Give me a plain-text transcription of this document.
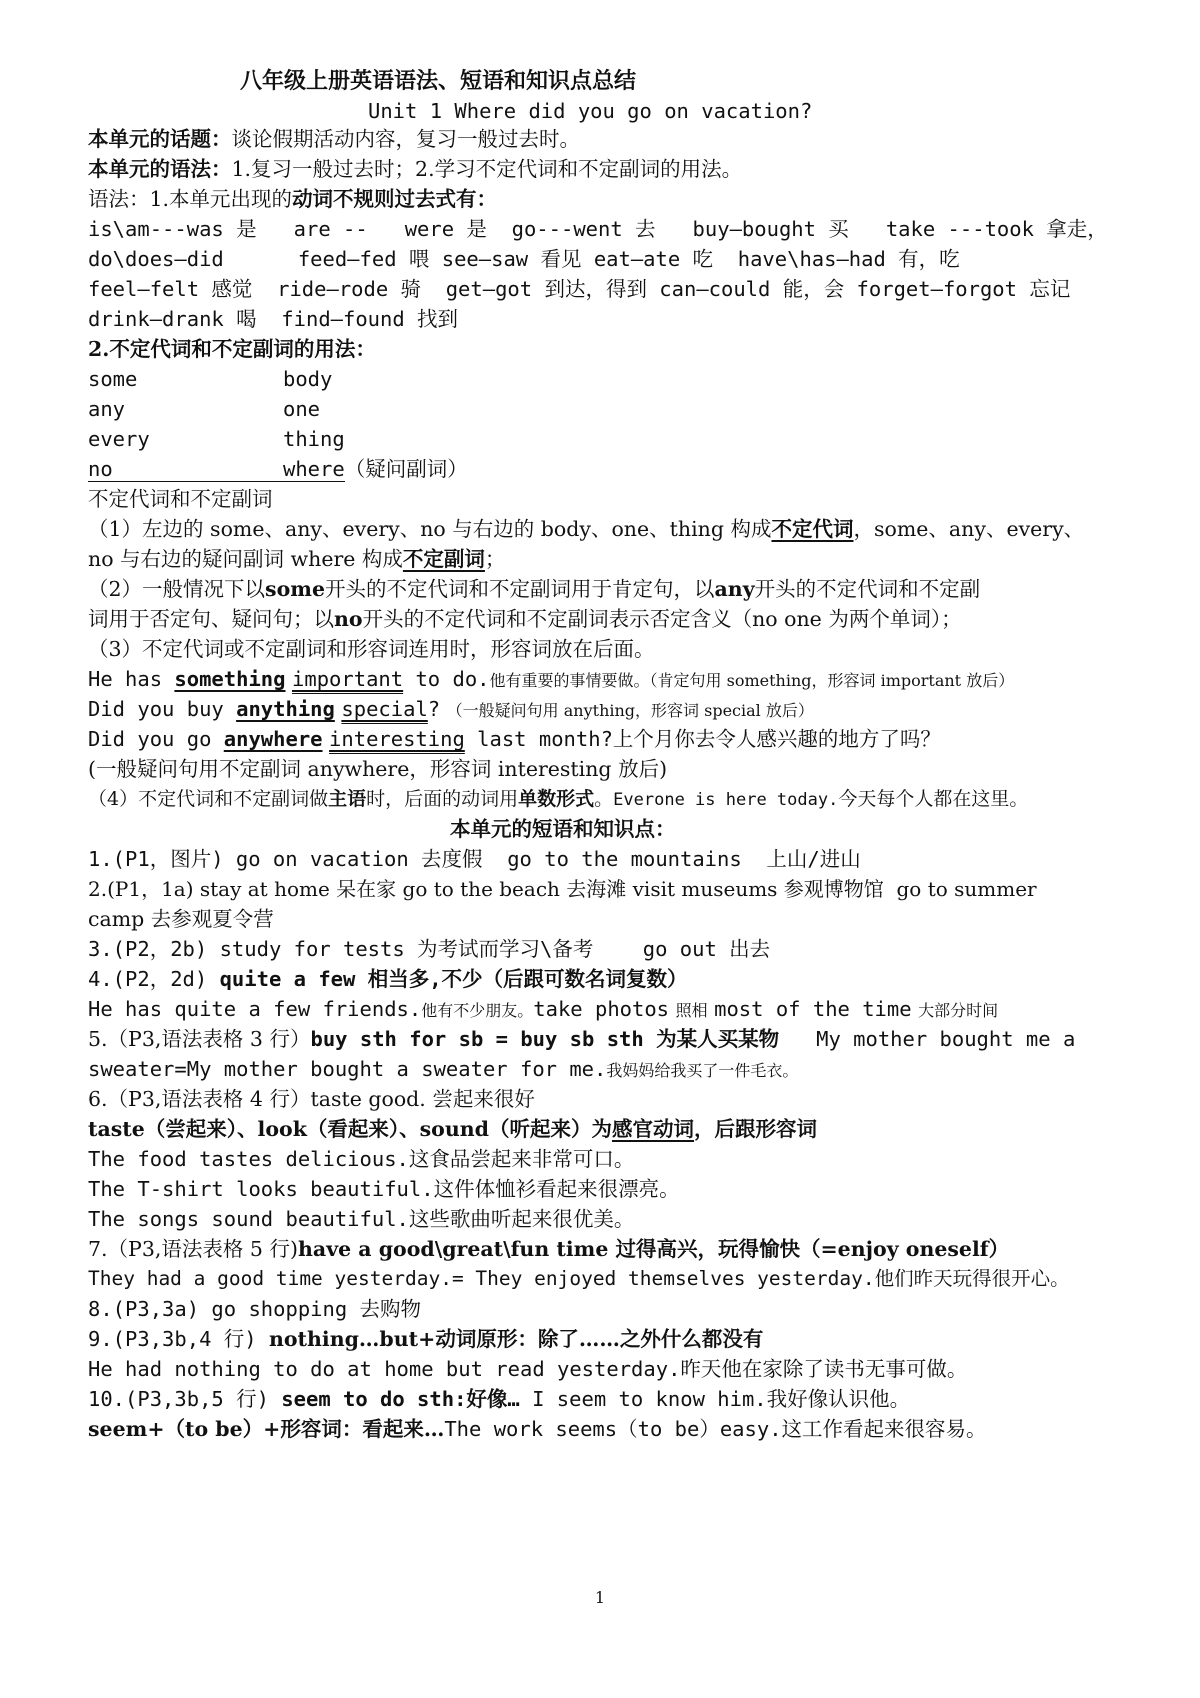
八年级上册英语语法、短语和知识点总结
Unit 1 Where did you go on vacation?
本单元的话题：谈论假期活动内容，复习一般过去时。
本单元的语法：1.复习一般过去时；2.学习不定代词和不定副词的用法。
语法：1.本单元出现的动词不规则过去式有：
is\am---was 是   are --   were 是  go---went 去   buy—bought 买   take ---took 拿走，
do\does—did      feed—fed 喂 see—saw 看见 eat—ate 吃  have\has—had 有，吃
feel—felt 感觉  ride—rode 骑  get—got 到达，得到 can—could 能，会 forget—forgot 忘记
drink—drank 喝  find—found 找到
2.不定代词和不定副词的用法：
some	body
any	one
every	thing
no	where（疑问副词）
不定代词和不定副词
（1）左边的 some、any、every、no 与右边的 body、one、thing 构成不定代词，some、any、every、
no 与右边的疑问副词 where 构成不定副词；
（2）一般情况下以some开头的不定代词和不定副词用于肯定句，以any开头的不定代词和不定副
词用于否定句、疑问句；以no开头的不定代词和不定副词表示否定含义（no one 为两个单词）；
（3）不定代词或不定副词和形容词连用时，形容词放在后面。
He has something important to do.他有重要的事情要做。（肯定句用 something，形容词 important 放后）
Did you buy anything special? （一般疑问句用 anything，形容词 special 放后）
Did you go anywhere interesting last month?上个月你去令人感兴趣的地方了吗？
(一般疑问句用不定副词 anywhere，形容词 interesting 放后)
（4）不定代词和不定副词做主语时，后面的动词用单数形式。Everone is here today.今天每个人都在这里。
本单元的短语和知识点：
1.(P1，图片) go on vacation 去度假  go to the mountains  上山/进山
2.(P1，1a) stay at home 呆在家 go to the beach 去海滩 visit museums 参观博物馆  go to summer
camp 去参观夏令营
3.(P2，2b) study for tests 为考试而学习\备考    go out 出去
4.(P2，2d) quite a few 相当多,不少（后跟可数名词复数）
He has quite a few friends.他有不少朋友。take photos 照相 most of the time 大部分时间
5.（P3,语法表格 3 行）buy sth for sb = buy sb sth 为某人买某物   My mother bought me a
sweater=My mother bought a sweater for me.我妈妈给我买了一件毛衣。
6.（P3,语法表格 4 行）taste good. 尝起来很好
taste（尝起来）、look（看起来）、sound（听起来）为感官动词，后跟形容词
The food tastes delicious.这食品尝起来非常可口。
The T-shirt looks beautiful.这件体恤衫看起来很漂亮。
The songs sound beautiful.这些歌曲听起来很优美。
7.（P3,语法表格 5 行)have a good\great\fun time 过得高兴，玩得愉快（=enjoy oneself）
They had a good time yesterday.= They enjoyed themselves yesterday.他们昨天玩得很开心。
8.(P3,3a) go shopping 去购物
9.(P3,3b,4 行) nothing…but+动词原形：除了……之外什么都没有
He had nothing to do at home but read yesterday.昨天他在家除了读书无事可做。
10.(P3,3b,5 行) seem to do sth:好像… I seem to know him.我好像认识他。
seem+（to be）+形容词：看起来…The work seems（to be）easy.这工作看起来很容易。
1
